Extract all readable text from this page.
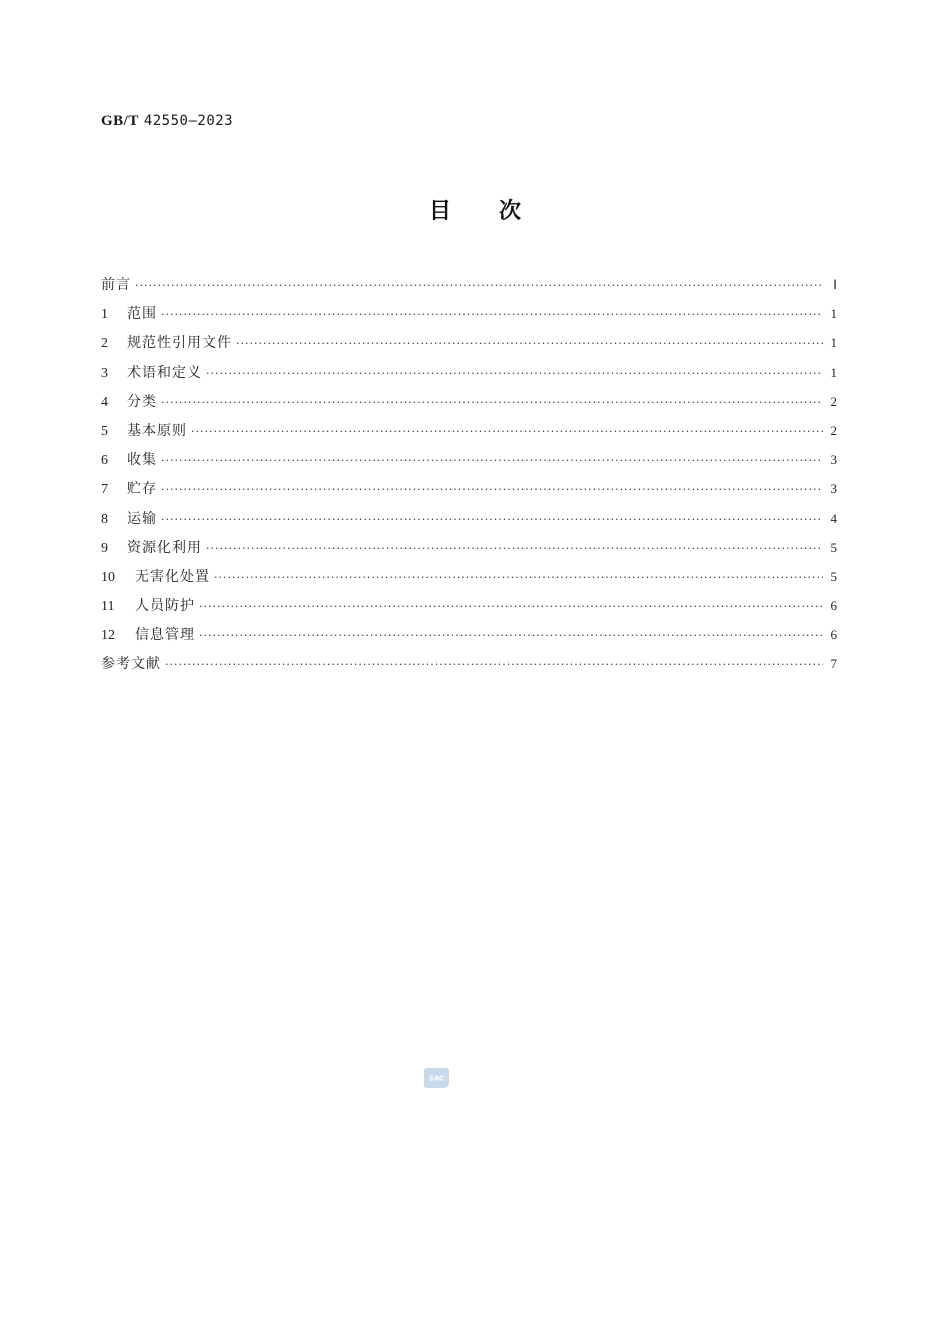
GB/T 42550—2023
目 次
前言 ·····	Ⅰ
1	范围 ·····	1
2	规范性引用文件 ·····	1
3	术语和定义 ·····	1
4	分类 ·····	2
5	基本原则 ·····	2
6	收集 ·····	3
7	贮存 ·····	3
8	运输 ·····	4
9	资源化利用 ·····	5
10	无害化处置 ·····	5
11	人员防护 ·····	6
12	信息管理 ·····	6
参考文献 ·····	7
SAC
